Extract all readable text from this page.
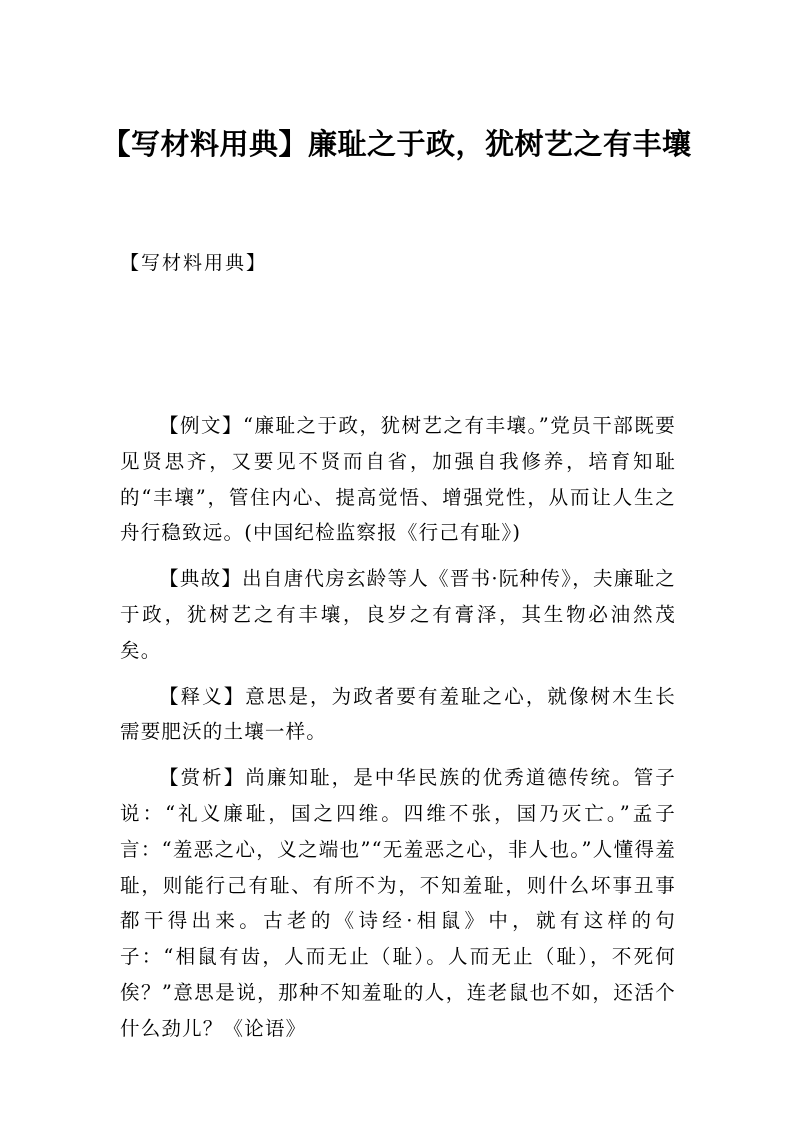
【写材料用典】廉耻之于政，犹树艺之有丰壤

【写材料用典】

【例文】“廉耻之于政，犹树艺之有丰壤。”党员干部既要见贤思齐，又要见不贤而自省，加强自我修养，培育知耻的“丰壤”，管住内心、提高觉悟、增强党性，从而让人生之舟行稳致远。(中国纪检监察报《行己有耻》)

【典故】出自唐代房玄龄等人《晋书·阮种传》，夫廉耻之于政，犹树艺之有丰壤，良岁之有膏泽，其生物必油然茂矣。

【释义】意思是，为政者要有羞耻之心，就像树木生长需要肥沃的土壤一样。

【赏析】尚廉知耻，是中华民族的优秀道德传统。管子说：“礼义廉耻，国之四维。四维不张，国乃灭亡。”孟子言：“羞恶之心，义之端也”“无羞恶之心，非人也。”人懂得羞耻，则能行己有耻、有所不为，不知羞耻，则什么坏事丑事都干得出来。古老的《诗经·相鼠》中，就有这样的句子：“相鼠有齿，人而无止（耻）。人而无止（耻），不死何俟？”意思是说，那种不知羞耻的人，连老鼠也不如，还活个什么劲儿？《论语》
